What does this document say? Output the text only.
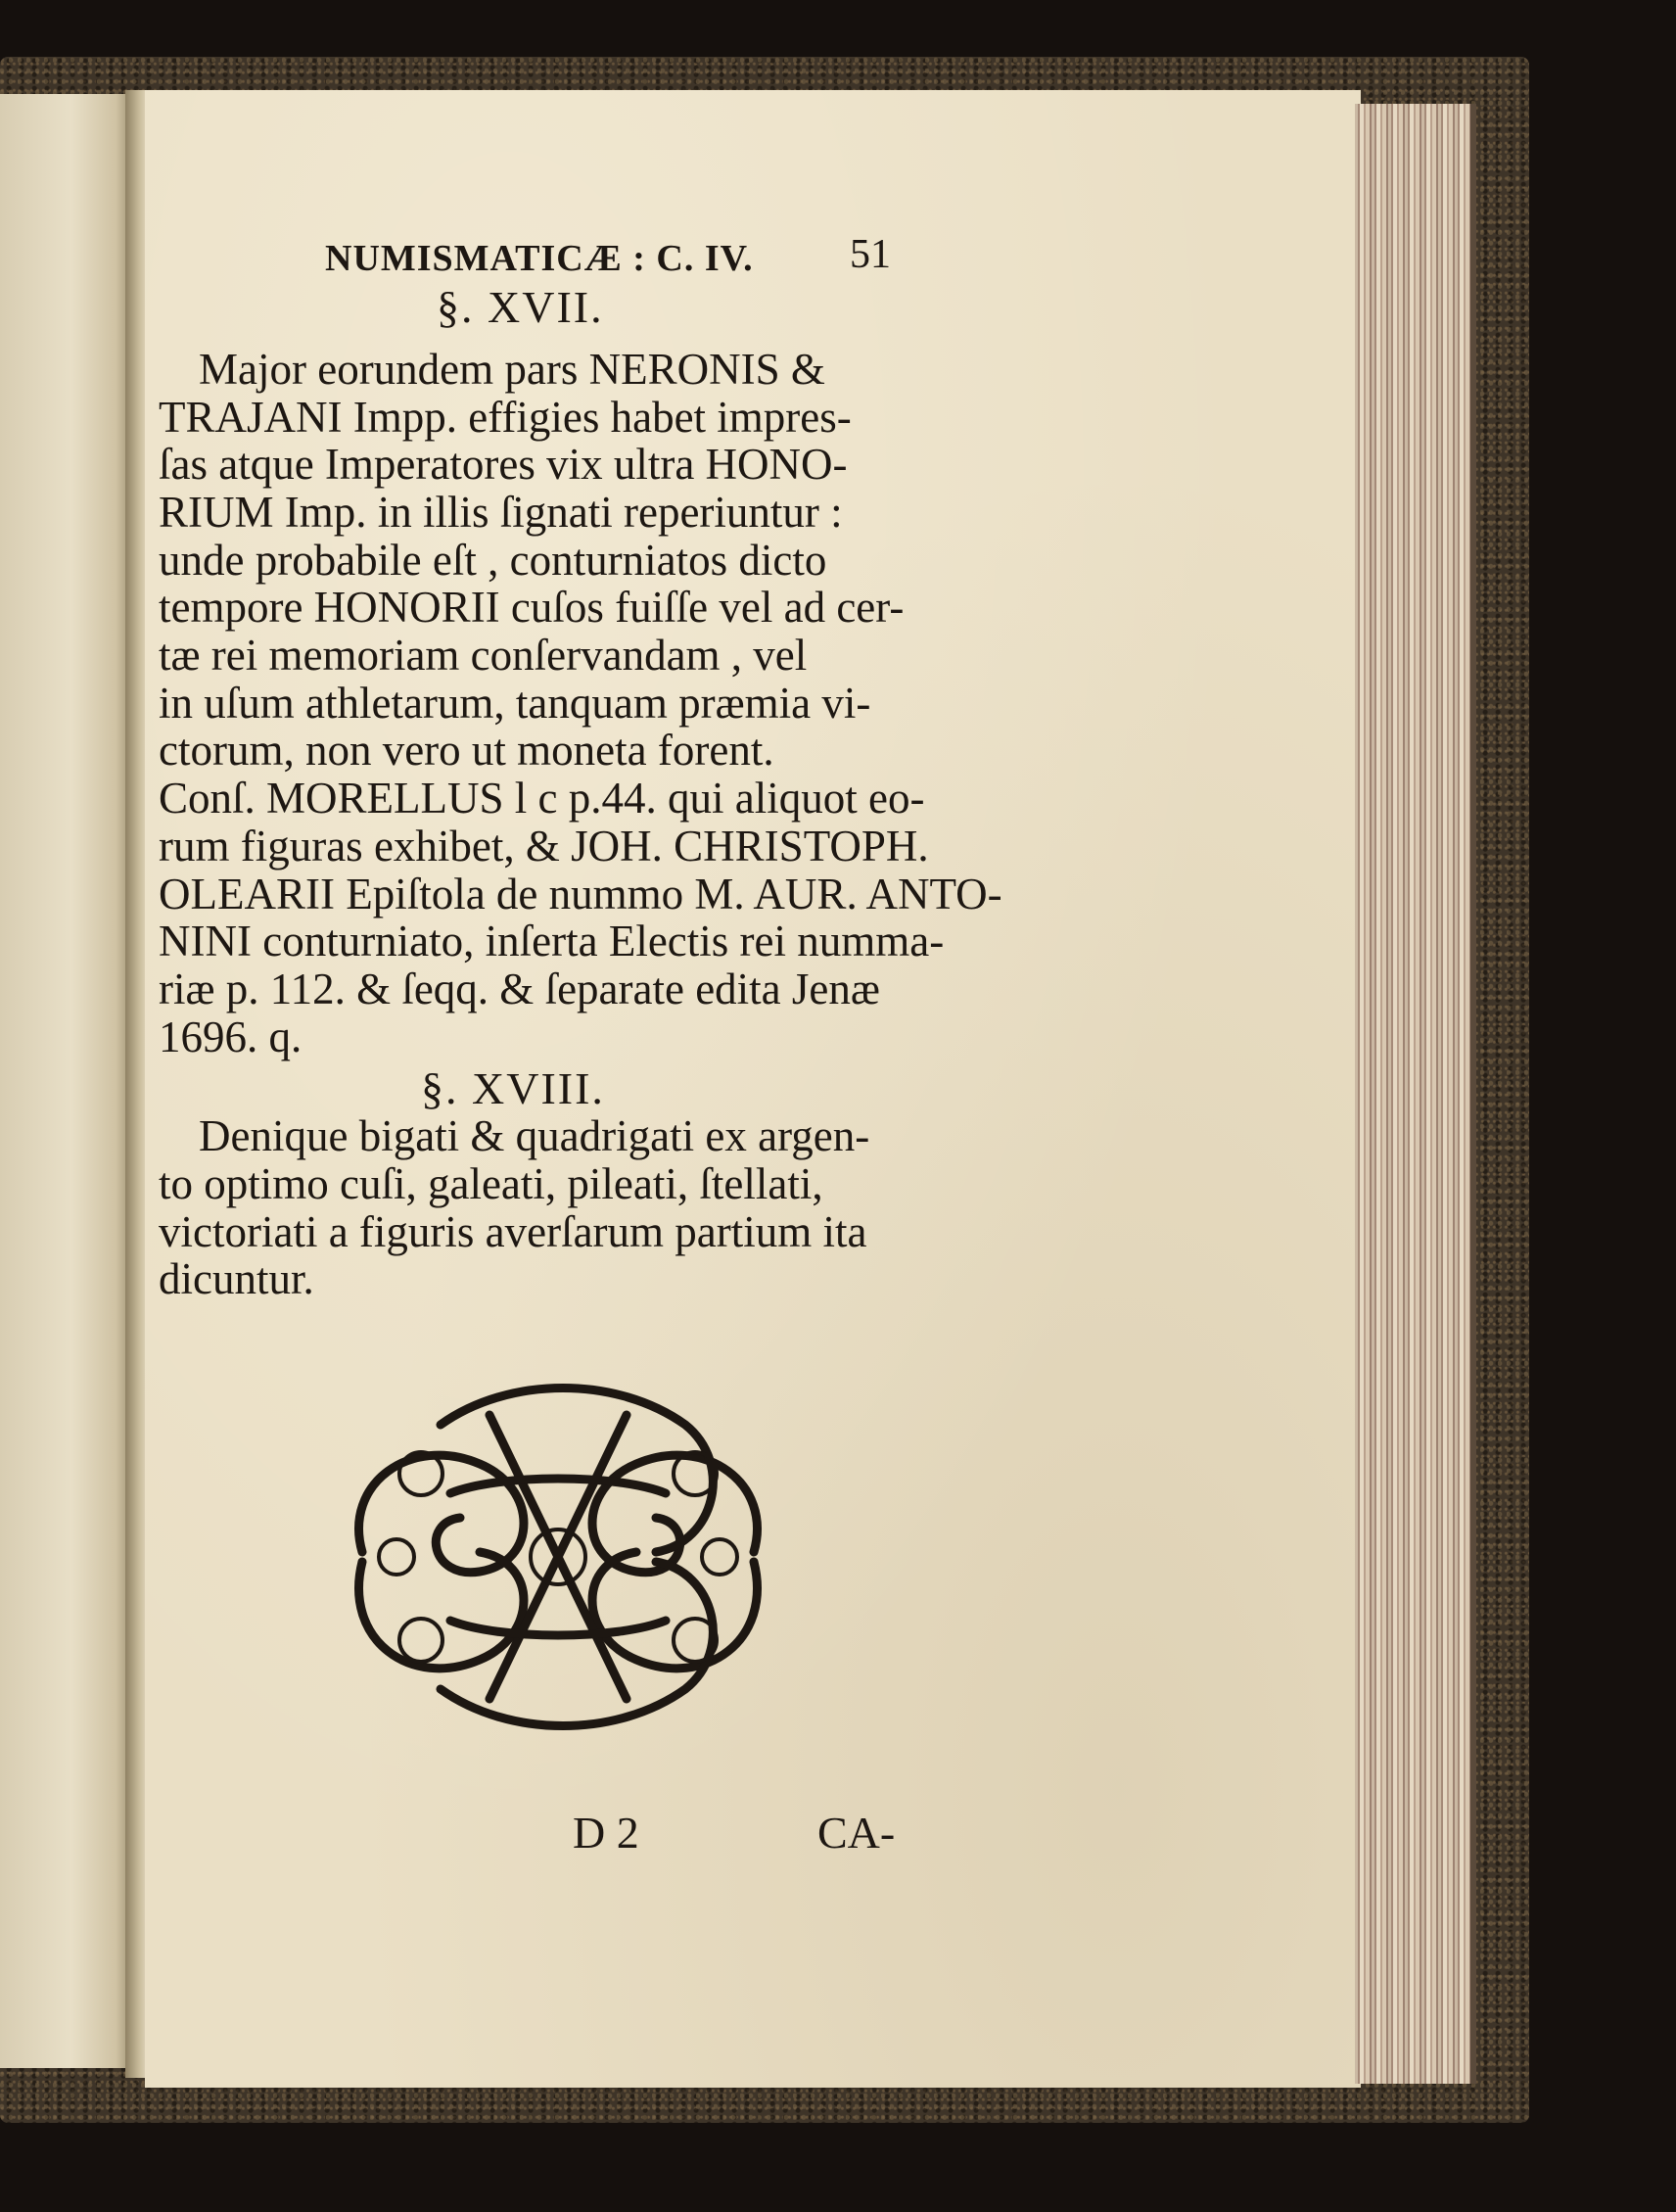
NUMISMATICÆ : C. IV. 51
§. XVII.
Major eorundem pars NERONIS &
TRAJANI Impp. effigies habet impres-
ſas atque Imperatores vix ultra HONO-
RIUM Imp. in illis ſignati reperiuntur :
unde probabile eſt , conturniatos dicto
tempore HONORII cuſos fuiſſe vel ad cer-
tæ rei memoriam conſervandam , vel
in uſum athletarum, tanquam præmia vi-
ctorum, non vero ut moneta forent.
Conſ. MORELLUS l c p.44. qui aliquot eo-
rum figuras exhibet, & JOH. CHRISTOPH.
OLEARII Epiſtola de nummo M. AUR. ANTO-
NINI conturniato, inſerta Electis rei numma-
riæ p. 112. & ſeqq. & ſeparate edita Jenæ
1696. q.
§. XVIII.
Denique bigati & quadrigati ex argen-
to optimo cuſi, galeati, pileati, ſtellati,
victoriati a figuris averſarum partium ita
dicuntur.
D 2	CA-
